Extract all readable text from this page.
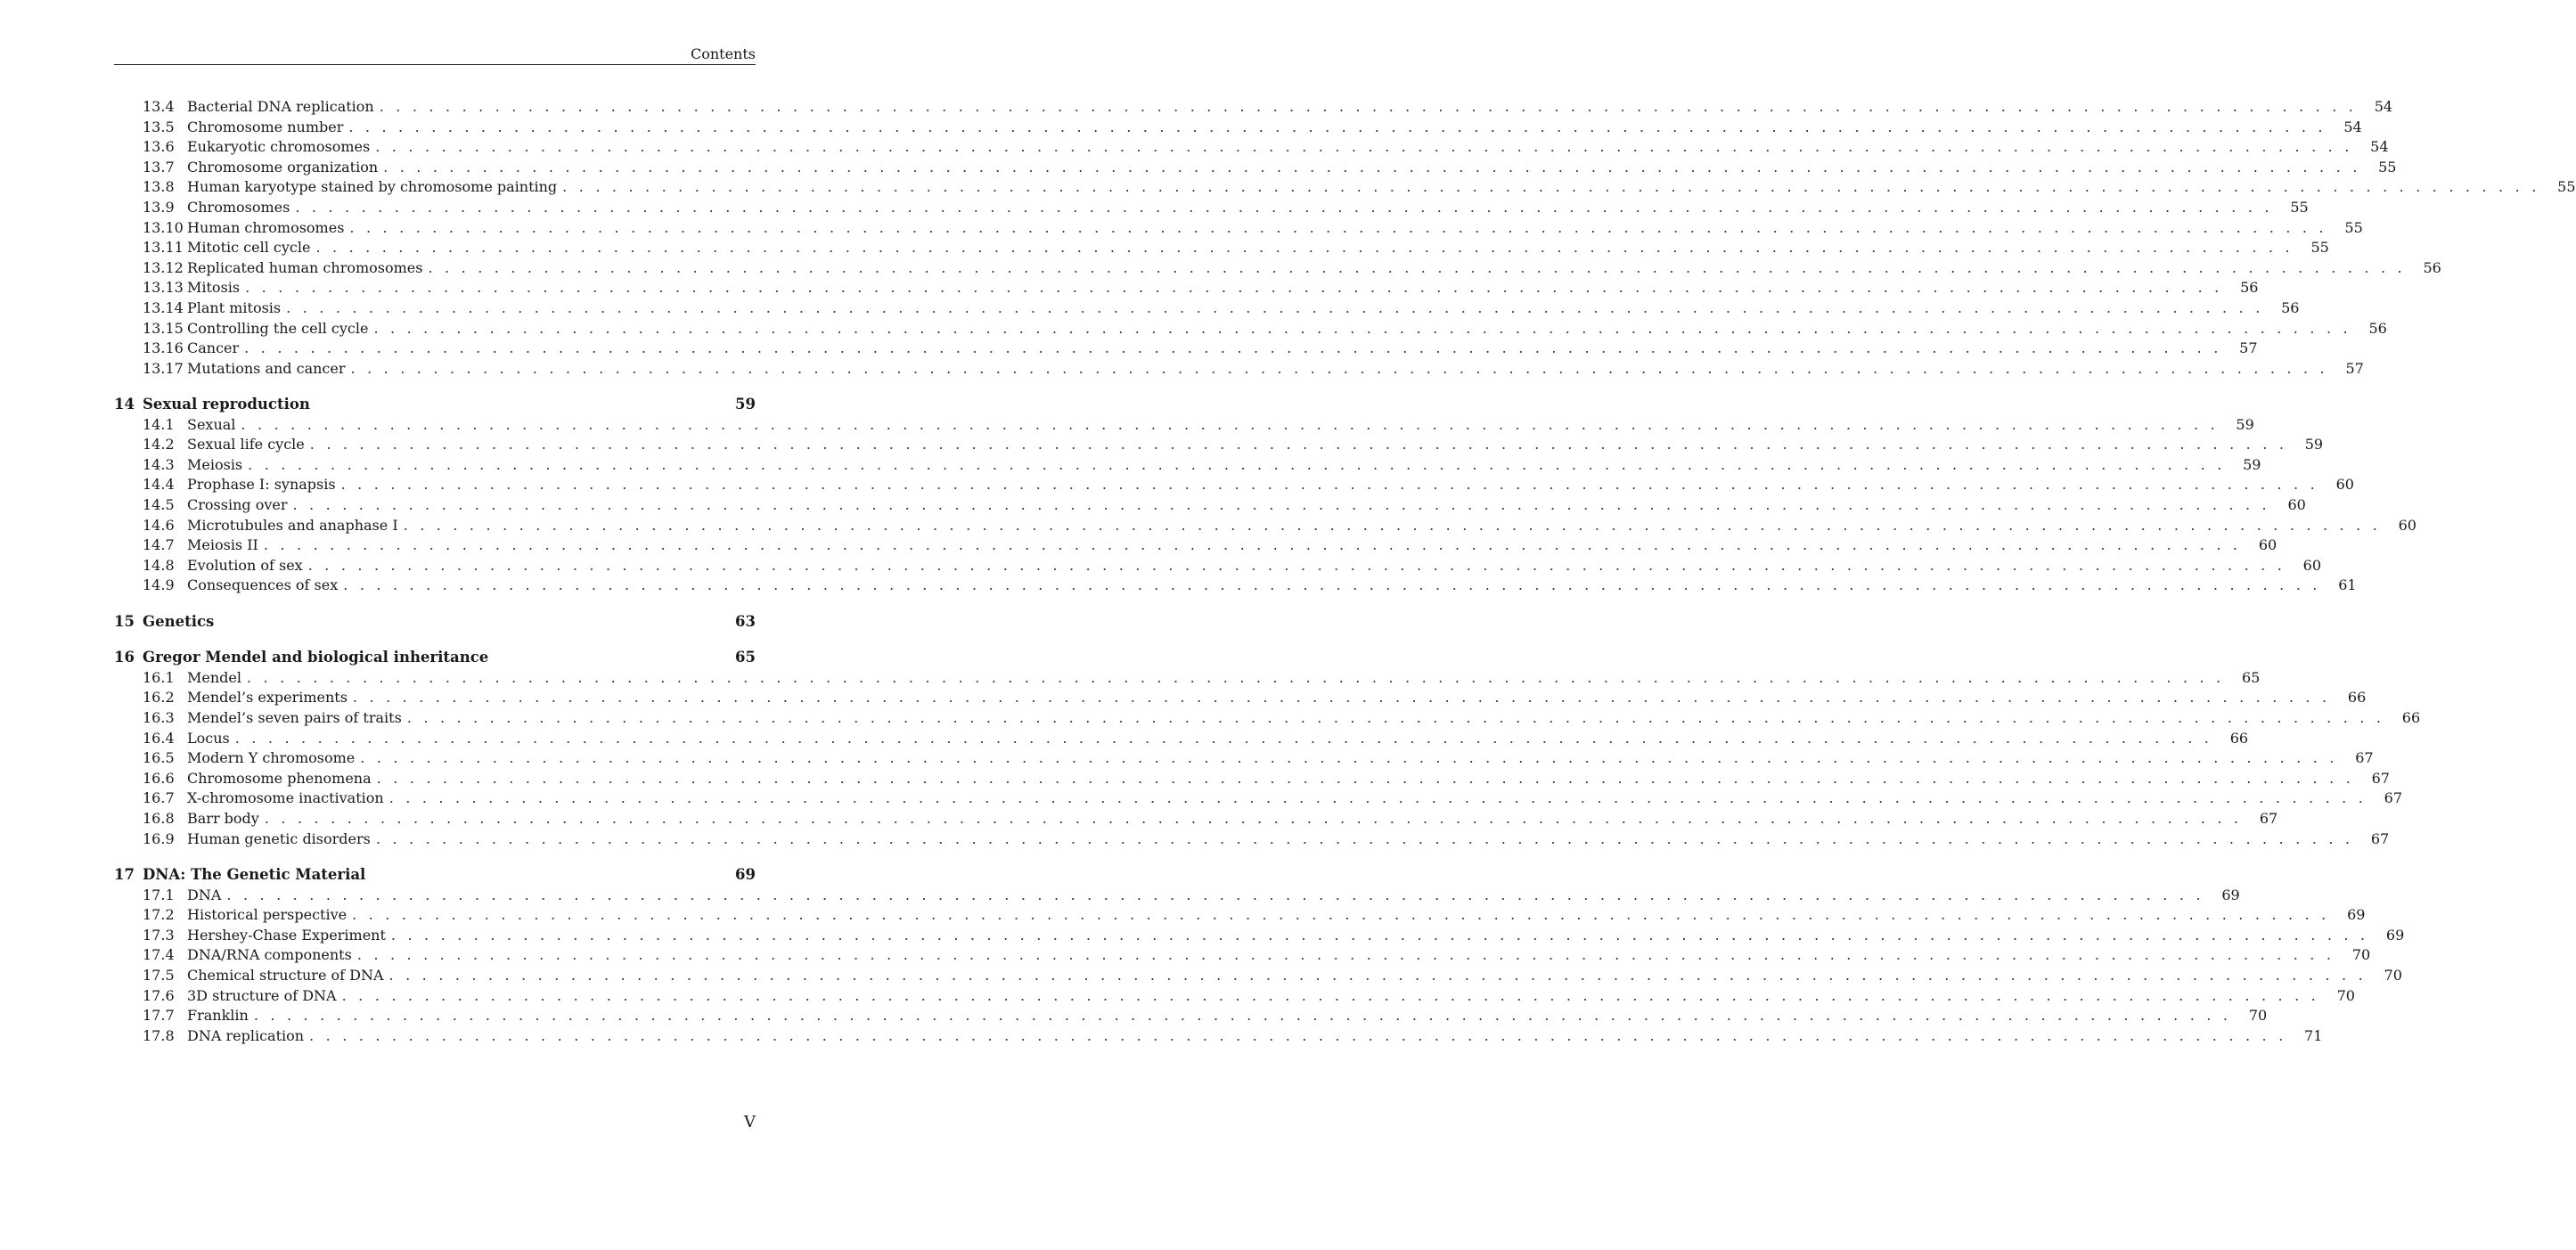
Contents
13.4 Bacterial DNA replication . . . . . . . . . . . . . . . . . . . . . . . . . . . . . . . . . . . . . . . . . . . . . . . . . . . . . . . . . . . . . . . . . . . . . . . . . . . . . . . . . . . . . . . . . . . . . . . . . . . . . . . . . . . . . . . . . . . . . . . .	54
13.5 Chromosome number . . . . . . . . . . . . . . . . . . . . . . . . . . . . . . . . . . . . . . . . . . . . . . . . . . . . . . . . . . . . . . . . . . . . . . . . . . . . . . . . . . . . . . . . . . . . . . . . . . . . . . . . . . . . . . . . . . . . . . . .	54
13.6 Eukaryotic chromosomes . . . . . . . . . . . . . . . . . . . . . . . . . . . . . . . . . . . . . . . . . . . . . . . . . . . . . . . . . . . . . . . . . . . . . . . . . . . . . . . . . . . . . . . . . . . . . . . . . . . . . . . . . . . . . . . . . . . . . . . .	54
13.7 Chromosome organization . . . . . . . . . . . . . . . . . . . . . . . . . . . . . . . . . . . . . . . . . . . . . . . . . . . . . . . . . . . . . . . . . . . . . . . . . . . . . . . . . . . . . . . . . . . . . . . . . . . . . . . . . . . . . . . . . . . . . . . .	55
13.8 Human karyotype stained by chromosome painting . . . . . . . . . . . . . . . . . . . . . . . . . . . . . . . . . . . . . . . . . . . . . . . . . . . . . . . . . . . . . . . . . . . . . . . . . . . . . . . . . . . . . . . . . . . . . . . . . . . . . . . . . . . . . . . . . . . . . . . .	55
13.9 Chromosomes . . . . . . . . . . . . . . . . . . . . . . . . . . . . . . . . . . . . . . . . . . . . . . . . . . . . . . . . . . . . . . . . . . . . . . . . . . . . . . . . . . . . . . . . . . . . . . . . . . . . . . . . . . . . . . . . . . . . . . . .	55
13.10 Human chromosomes . . . . . . . . . . . . . . . . . . . . . . . . . . . . . . . . . . . . . . . . . . . . . . . . . . . . . . . . . . . . . . . . . . . . . . . . . . . . . . . . . . . . . . . . . . . . . . . . . . . . . . . . . . . . . . . . . . . . . . . .	55
13.11 Mitotic cell cycle . . . . . . . . . . . . . . . . . . . . . . . . . . . . . . . . . . . . . . . . . . . . . . . . . . . . . . . . . . . . . . . . . . . . . . . . . . . . . . . . . . . . . . . . . . . . . . . . . . . . . . . . . . . . . . . . . . . . . . . .	55
13.12 Replicated human chromosomes . . . . . . . . . . . . . . . . . . . . . . . . . . . . . . . . . . . . . . . . . . . . . . . . . . . . . . . . . . . . . . . . . . . . . . . . . . . . . . . . . . . . . . . . . . . . . . . . . . . . . . . . . . . . . . . . . . . . . . . .	56
13.13 Mitosis . . . . . . . . . . . . . . . . . . . . . . . . . . . . . . . . . . . . . . . . . . . . . . . . . . . . . . . . . . . . . . . . . . . . . . . . . . . . . . . . . . . . . . . . . . . . . . . . . . . . . . . . . . . . . . . . . . . . . . . .	56
13.14 Plant mitosis . . . . . . . . . . . . . . . . . . . . . . . . . . . . . . . . . . . . . . . . . . . . . . . . . . . . . . . . . . . . . . . . . . . . . . . . . . . . . . . . . . . . . . . . . . . . . . . . . . . . . . . . . . . . . . . . . . . . . . . .	56
13.15 Controlling the cell cycle . . . . . . . . . . . . . . . . . . . . . . . . . . . . . . . . . . . . . . . . . . . . . . . . . . . . . . . . . . . . . . . . . . . . . . . . . . . . . . . . . . . . . . . . . . . . . . . . . . . . . . . . . . . . . . . . . . . . . . . .	56
13.16 Cancer . . . . . . . . . . . . . . . . . . . . . . . . . . . . . . . . . . . . . . . . . . . . . . . . . . . . . . . . . . . . . . . . . . . . . . . . . . . . . . . . . . . . . . . . . . . . . . . . . . . . . . . . . . . . . . . . . . . . . . . .	57
13.17 Mutations and cancer . . . . . . . . . . . . . . . . . . . . . . . . . . . . . . . . . . . . . . . . . . . . . . . . . . . . . . . . . . . . . . . . . . . . . . . . . . . . . . . . . . . . . . . . . . . . . . . . . . . . . . . . . . . . . . . . . . . . . . . .	57
14 Sexual reproduction	59
14.1 Sexual . . . . . . . . . . . . . . . . . . . . . . . . . . . . . . . . . . . . . . . . . . . . . . . . . . . . . . . . . . . . . . . . . . . . . . . . . . . . . . . . . . . . . . . . . . . . . . . . . . . . . . . . . . . . . . . . . . . . . . . .	59
14.2 Sexual life cycle . . . . . . . . . . . . . . . . . . . . . . . . . . . . . . . . . . . . . . . . . . . . . . . . . . . . . . . . . . . . . . . . . . . . . . . . . . . . . . . . . . . . . . . . . . . . . . . . . . . . . . . . . . . . . . . . . . . . . . . .	59
14.3 Meiosis . . . . . . . . . . . . . . . . . . . . . . . . . . . . . . . . . . . . . . . . . . . . . . . . . . . . . . . . . . . . . . . . . . . . . . . . . . . . . . . . . . . . . . . . . . . . . . . . . . . . . . . . . . . . . . . . . . . . . . . .	59
14.4 Prophase I: synapsis . . . . . . . . . . . . . . . . . . . . . . . . . . . . . . . . . . . . . . . . . . . . . . . . . . . . . . . . . . . . . . . . . . . . . . . . . . . . . . . . . . . . . . . . . . . . . . . . . . . . . . . . . . . . . . . . . . . . . . . .	60
14.5 Crossing over . . . . . . . . . . . . . . . . . . . . . . . . . . . . . . . . . . . . . . . . . . . . . . . . . . . . . . . . . . . . . . . . . . . . . . . . . . . . . . . . . . . . . . . . . . . . . . . . . . . . . . . . . . . . . . . . . . . . . . . .	60
14.6 Microtubules and anaphase I . . . . . . . . . . . . . . . . . . . . . . . . . . . . . . . . . . . . . . . . . . . . . . . . . . . . . . . . . . . . . . . . . . . . . . . . . . . . . . . . . . . . . . . . . . . . . . . . . . . . . . . . . . . . . . . . . . . . . . . .	60
14.7 Meiosis II . . . . . . . . . . . . . . . . . . . . . . . . . . . . . . . . . . . . . . . . . . . . . . . . . . . . . . . . . . . . . . . . . . . . . . . . . . . . . . . . . . . . . . . . . . . . . . . . . . . . . . . . . . . . . . . . . . . . . . . .	60
14.8 Evolution of sex . . . . . . . . . . . . . . . . . . . . . . . . . . . . . . . . . . . . . . . . . . . . . . . . . . . . . . . . . . . . . . . . . . . . . . . . . . . . . . . . . . . . . . . . . . . . . . . . . . . . . . . . . . . . . . . . . . . . . . . .	60
14.9 Consequences of sex . . . . . . . . . . . . . . . . . . . . . . . . . . . . . . . . . . . . . . . . . . . . . . . . . . . . . . . . . . . . . . . . . . . . . . . . . . . . . . . . . . . . . . . . . . . . . . . . . . . . . . . . . . . . . . . . . . . . . . . .	61
15 Genetics	63
16 Gregor Mendel and biological inheritance	65
16.1 Mendel . . . . . . . . . . . . . . . . . . . . . . . . . . . . . . . . . . . . . . . . . . . . . . . . . . . . . . . . . . . . . . . . . . . . . . . . . . . . . . . . . . . . . . . . . . . . . . . . . . . . . . . . . . . . . . . . . . . . . . . .	65
16.2 Mendel’s experiments . . . . . . . . . . . . . . . . . . . . . . . . . . . . . . . . . . . . . . . . . . . . . . . . . . . . . . . . . . . . . . . . . . . . . . . . . . . . . . . . . . . . . . . . . . . . . . . . . . . . . . . . . . . . . . . . . . . . . . . .	66
16.3 Mendel’s seven pairs of traits . . . . . . . . . . . . . . . . . . . . . . . . . . . . . . . . . . . . . . . . . . . . . . . . . . . . . . . . . . . . . . . . . . . . . . . . . . . . . . . . . . . . . . . . . . . . . . . . . . . . . . . . . . . . . . . . . . . . . . . .	66
16.4 Locus . . . . . . . . . . . . . . . . . . . . . . . . . . . . . . . . . . . . . . . . . . . . . . . . . . . . . . . . . . . . . . . . . . . . . . . . . . . . . . . . . . . . . . . . . . . . . . . . . . . . . . . . . . . . . . . . . . . . . . . .	66
16.5 Modern Y chromosome . . . . . . . . . . . . . . . . . . . . . . . . . . . . . . . . . . . . . . . . . . . . . . . . . . . . . . . . . . . . . . . . . . . . . . . . . . . . . . . . . . . . . . . . . . . . . . . . . . . . . . . . . . . . . . . . . . . . . . . .	67
16.6 Chromosome phenomena . . . . . . . . . . . . . . . . . . . . . . . . . . . . . . . . . . . . . . . . . . . . . . . . . . . . . . . . . . . . . . . . . . . . . . . . . . . . . . . . . . . . . . . . . . . . . . . . . . . . . . . . . . . . . . . . . . . . . . . .	67
16.7 X-chromosome inactivation . . . . . . . . . . . . . . . . . . . . . . . . . . . . . . . . . . . . . . . . . . . . . . . . . . . . . . . . . . . . . . . . . . . . . . . . . . . . . . . . . . . . . . . . . . . . . . . . . . . . . . . . . . . . . . . . . . . . . . . .	67
16.8 Barr body . . . . . . . . . . . . . . . . . . . . . . . . . . . . . . . . . . . . . . . . . . . . . . . . . . . . . . . . . . . . . . . . . . . . . . . . . . . . . . . . . . . . . . . . . . . . . . . . . . . . . . . . . . . . . . . . . . . . . . . .	67
16.9 Human genetic disorders . . . . . . . . . . . . . . . . . . . . . . . . . . . . . . . . . . . . . . . . . . . . . . . . . . . . . . . . . . . . . . . . . . . . . . . . . . . . . . . . . . . . . . . . . . . . . . . . . . . . . . . . . . . . . . . . . . . . . . . .	67
17 DNA: The Genetic Material	69
17.1 DNA . . . . . . . . . . . . . . . . . . . . . . . . . . . . . . . . . . . . . . . . . . . . . . . . . . . . . . . . . . . . . . . . . . . . . . . . . . . . . . . . . . . . . . . . . . . . . . . . . . . . . . . . . . . . . . . . . . . . . . . .	69
17.2 Historical perspective . . . . . . . . . . . . . . . . . . . . . . . . . . . . . . . . . . . . . . . . . . . . . . . . . . . . . . . . . . . . . . . . . . . . . . . . . . . . . . . . . . . . . . . . . . . . . . . . . . . . . . . . . . . . . . . . . . . . . . . .	69
17.3 Hershey-Chase Experiment . . . . . . . . . . . . . . . . . . . . . . . . . . . . . . . . . . . . . . . . . . . . . . . . . . . . . . . . . . . . . . . . . . . . . . . . . . . . . . . . . . . . . . . . . . . . . . . . . . . . . . . . . . . . . . . . . . . . . . . .	69
17.4 DNA/RNA components . . . . . . . . . . . . . . . . . . . . . . . . . . . . . . . . . . . . . . . . . . . . . . . . . . . . . . . . . . . . . . . . . . . . . . . . . . . . . . . . . . . . . . . . . . . . . . . . . . . . . . . . . . . . . . . . . . . . . . . .	70
17.5 Chemical structure of DNA . . . . . . . . . . . . . . . . . . . . . . . . . . . . . . . . . . . . . . . . . . . . . . . . . . . . . . . . . . . . . . . . . . . . . . . . . . . . . . . . . . . . . . . . . . . . . . . . . . . . . . . . . . . . . . . . . . . . . . . .	70
17.6 3D structure of DNA . . . . . . . . . . . . . . . . . . . . . . . . . . . . . . . . . . . . . . . . . . . . . . . . . . . . . . . . . . . . . . . . . . . . . . . . . . . . . . . . . . . . . . . . . . . . . . . . . . . . . . . . . . . . . . . . . . . . . . . .	70
17.7 Franklin . . . . . . . . . . . . . . . . . . . . . . . . . . . . . . . . . . . . . . . . . . . . . . . . . . . . . . . . . . . . . . . . . . . . . . . . . . . . . . . . . . . . . . . . . . . . . . . . . . . . . . . . . . . . . . . . . . . . . . . .	70
17.8 DNA replication . . . . . . . . . . . . . . . . . . . . . . . . . . . . . . . . . . . . . . . . . . . . . . . . . . . . . . . . . . . . . . . . . . . . . . . . . . . . . . . . . . . . . . . . . . . . . . . . . . . . . . . . . . . . . . . . . . . . . . . .	71
V
